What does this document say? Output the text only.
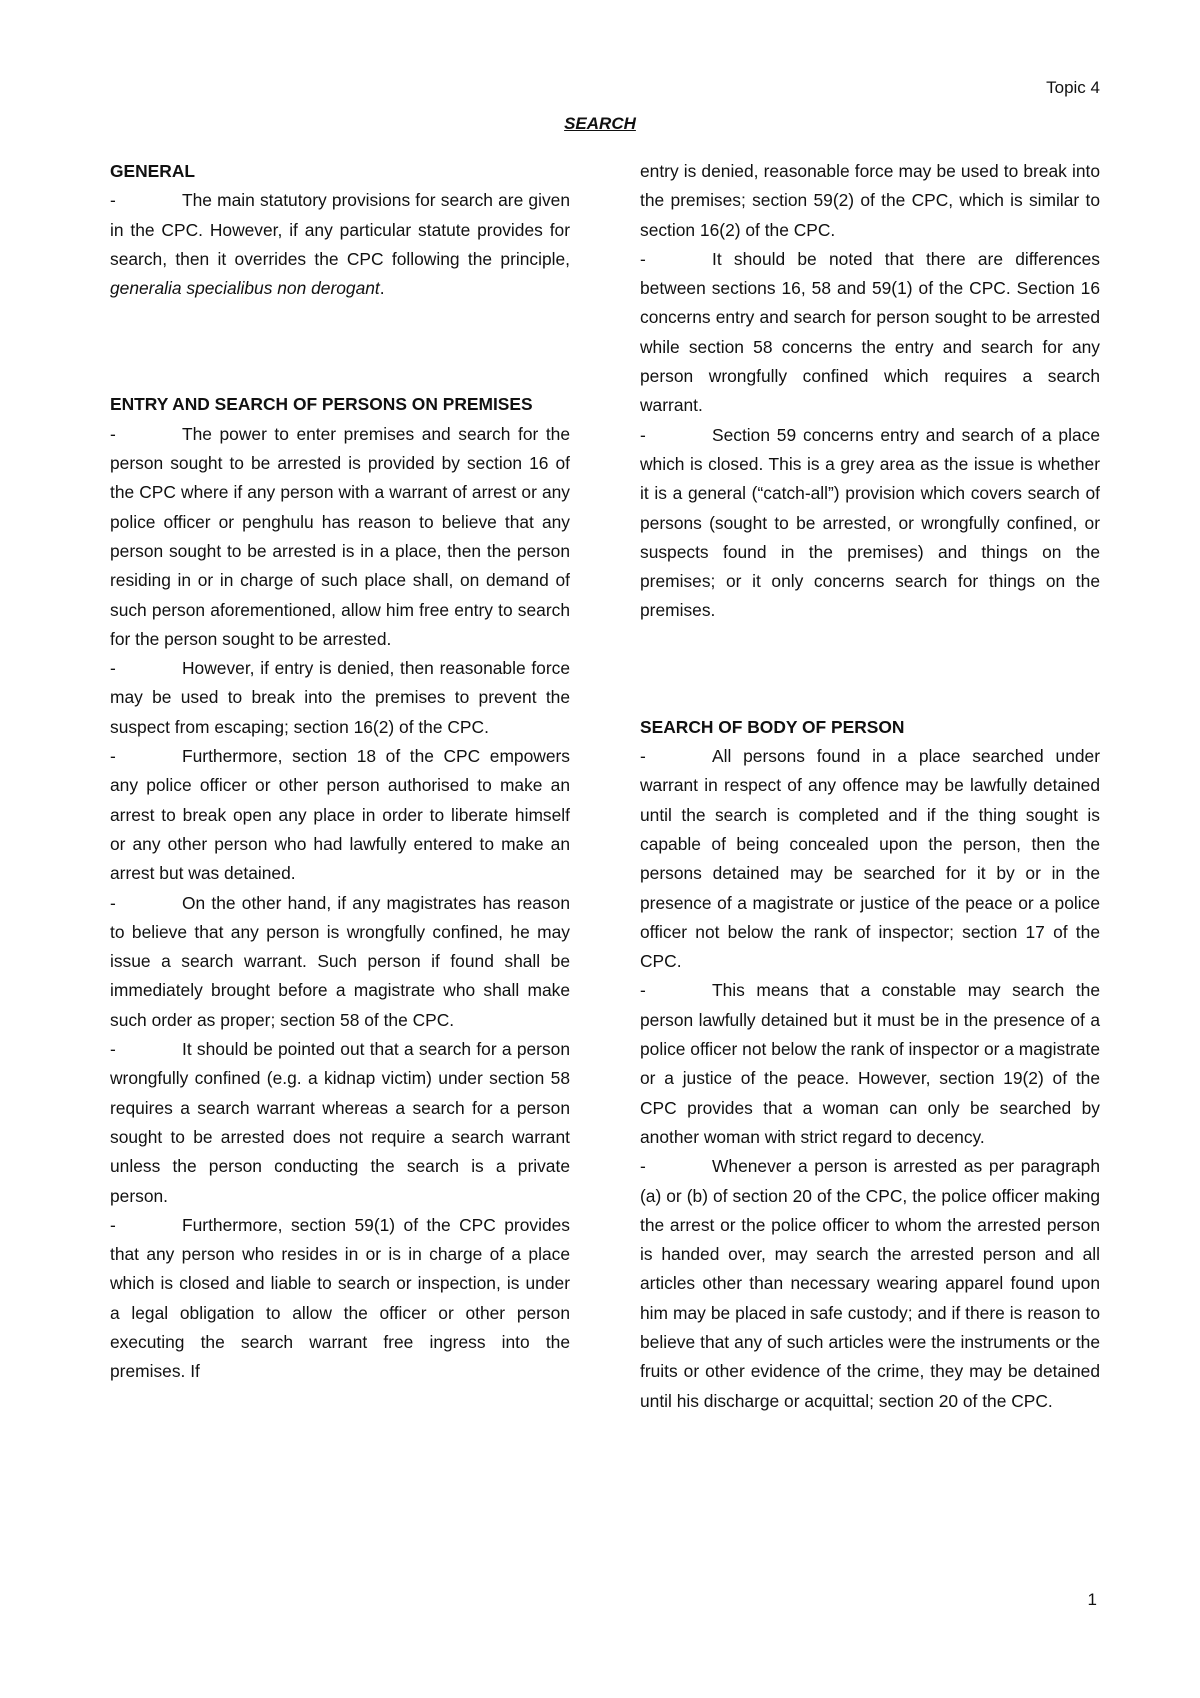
Topic 4
SEARCH

GENERAL

-	The main statutory provisions for search are given in the CPC. However, if any particular statute provides for search, then it overrides the CPC following the principle, generalia specialibus non derogant.

ENTRY AND SEARCH OF PERSONS ON PREMISES

-	The power to enter premises and search for the person sought to be arrested is provided by section 16 of the CPC where if any person with a warrant of arrest or any police officer or penghulu has reason to believe that any person sought to be arrested is in a place, then the person residing in or in charge of such place shall, on demand of such person aforementioned, allow him free entry to search for the person sought to be arrested.

-	However, if entry is denied, then reasonable force may be used to break into the premises to prevent the suspect from escaping; section 16(2) of the CPC.

-	Furthermore, section 18 of the CPC empowers any police officer or other person authorised to make an arrest to break open any place in order to liberate himself or any other person who had lawfully entered to make an arrest but was detained.

-	On the other hand, if any magistrates has reason to believe that any person is wrongfully confined, he may issue a search warrant. Such person if found shall be immediately brought before a magistrate who shall make such order as proper; section 58 of the CPC.

-	It should be pointed out that a search for a person wrongfully confined (e.g. a kidnap victim) under section 58 requires a search warrant whereas a search for a person sought to be arrested does not require a search warrant unless the person conducting the search is a private person.

-	Furthermore, section 59(1) of the CPC provides that any person who resides in or is in charge of a place which is closed and liable to search or inspection, is under a legal obligation to allow the officer or other person executing the search warrant free ingress into the premises. If

entry is denied, reasonable force may be used to break into the premises; section 59(2) of the CPC, which is similar to section 16(2) of the CPC.

-	It should be noted that there are differences between sections 16, 58 and 59(1) of the CPC. Section 16 concerns entry and search for person sought to be arrested while section 58 concerns the entry and search for any person wrongfully confined which requires a search warrant.

-	Section 59 concerns entry and search of a place which is closed. This is a grey area as the issue is whether it is a general (“catch-all”) provision which covers search of persons (sought to be arrested, or wrongfully confined, or suspects found in the premises) and things on the premises; or it only concerns search for things on the premises.

SEARCH OF BODY OF PERSON

-	All persons found in a place searched under warrant in respect of any offence may be lawfully detained until the search is completed and if the thing sought is capable of being concealed upon the person, then the persons detained may be searched for it by or in the presence of a magistrate or justice of the peace or a police officer not below the rank of inspector; section 17 of the CPC.

-	This means that a constable may search the person lawfully detained but it must be in the presence of a police officer not below the rank of inspector or a magistrate or a justice of the peace. However, section 19(2) of the CPC provides that a woman can only be searched by another woman with strict regard to decency.

-	Whenever a person is arrested as per paragraph (a) or (b) of section 20 of the CPC, the police officer making the arrest or the police officer to whom the arrested person is handed over, may search the arrested person and all articles other than necessary wearing apparel found upon him may be placed in safe custody; and if there is reason to believe that any of such articles were the instruments or the fruits or other evidence of the crime, they may be detained until his discharge or acquittal; section 20 of the CPC.

1
